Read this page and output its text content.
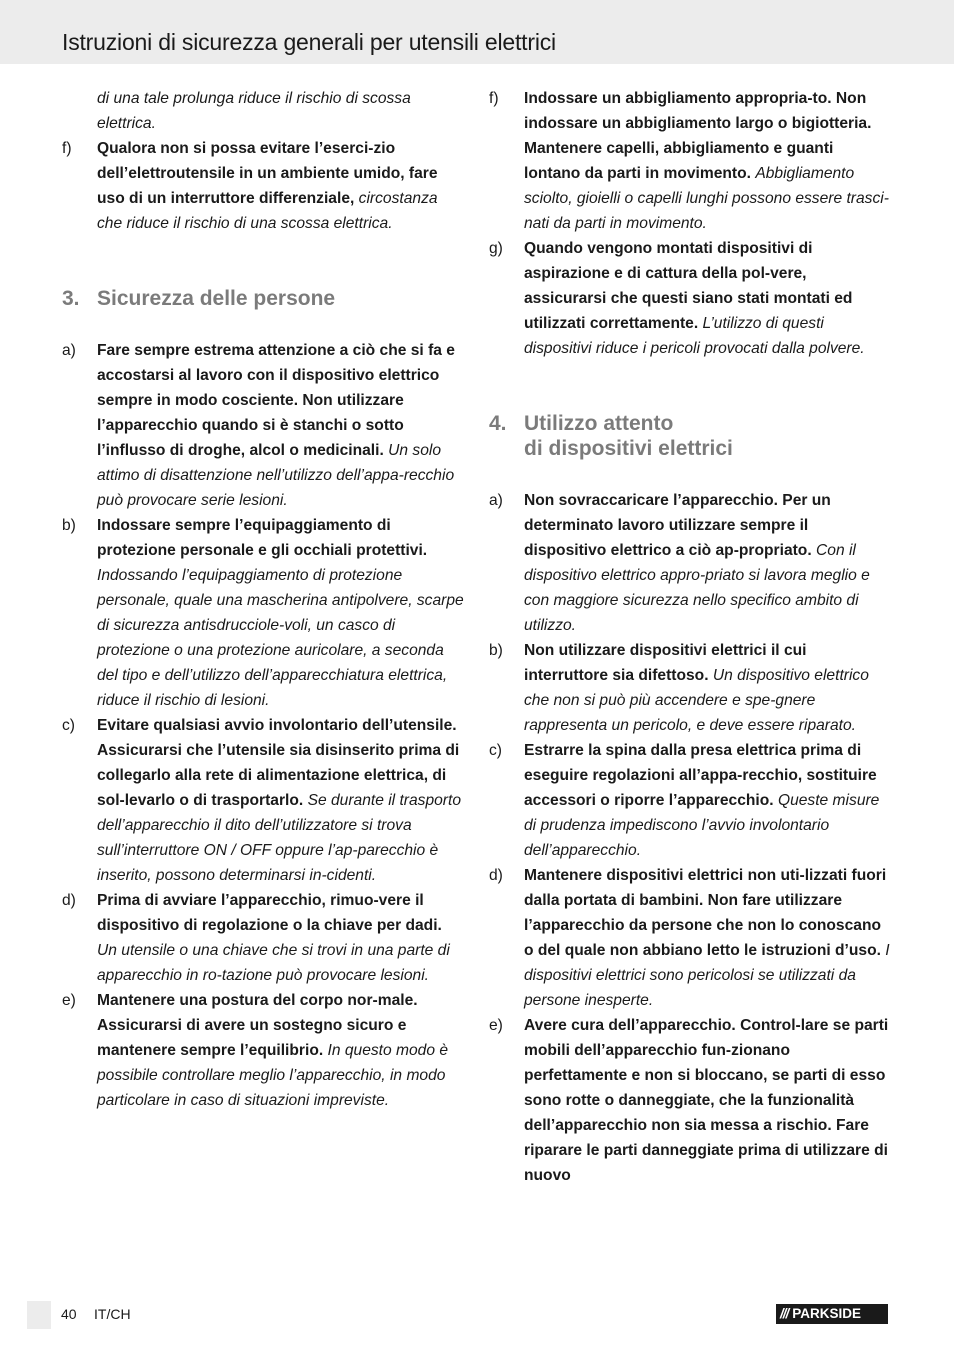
Istruzioni di sicurezza generali per utensili elettrici
di una tale prolunga riduce il rischio di scossa elettrica.
f) Qualora non si possa evitare l’eserci-zio dell’elettroutensile in un ambiente umido, fare uso di un interruttore differenziale, circostanza che riduce il rischio di una scossa elettrica.
3. Sicurezza delle persone
a) Fare sempre estrema attenzione a ciò che si fa e accostarsi al lavoro con il dispositivo elettrico sempre in modo cosciente. Non utilizzare l’apparecchio quando si è stanchi o sotto l’influsso di droghe, alcol o medicinali. Un solo attimo di disattenzione nell’utilizzo dell’appa-recchio può provocare serie lesioni.
b) Indossare sempre l’equipaggiamento di protezione personale e gli occhiali protettivi. Indossando l’equipaggiamento di protezione personale, quale una mascherina antipolvere, scarpe di sicurezza antisdrucciole-voli, un casco di protezione o una protezione auricolare, a seconda del tipo e dell’utilizzo dell’apparecchiatura elettrica, riduce il rischio di lesioni.
c) Evitare qualsiasi avvio involontario dell’utensile. Assicurarsi che l’utensile sia disinserito prima di collegarlo alla rete di alimentazione elettrica, di sol-levarlo o di trasportarlo. Se durante il trasporto dell’apparecchio il dito dell’utilizzatore si trova sull’interruttore ON / OFF oppure l’ap-parecchio è inserito, possono determinarsi in-cidenti.
d) Prima di avviare l’apparecchio, rimuo-vere il dispositivo di regolazione o la chiave per dadi. Un utensile o una chiave che si trovi in una parte di apparecchio in ro-tazione può provocare lesioni.
e) Mantenere una postura del corpo nor-male. Assicurarsi di avere un sostegno sicuro e mantenere sempre l’equilibrio. In questo modo è possibile controllare meglio l’apparecchio, in modo particolare in caso di situazioni impreviste.
f) Indossare un abbigliamento appropria-to. Non indossare un abbigliamento largo o bigiotteria. Mantenere capelli, abbigliamento e guanti lontano da parti in movimento. Abbigliamento sciolto, gioielli o capelli lunghi possono essere trasci-nati da parti in movimento.
g) Quando vengono montati dispositivi di aspirazione e di cattura della pol-vere, assicurarsi che questi siano stati montati ed utilizzati correttamente. L’utilizzo di questi dispositivi riduce i pericoli provocati dalla polvere.
4. Utilizzo attento
di dispositivi elettrici
a) Non sovraccaricare l’apparecchio. Per un determinato lavoro utilizzare sempre il dispositivo elettrico a ciò ap-propriato. Con il dispositivo elettrico appro-priato si lavora meglio e con maggiore sicurezza nello specifico ambito di utilizzo.
b) Non utilizzare dispositivi elettrici il cui interruttore sia difettoso. Un dispositivo elettrico che non si può più accendere e spe-gnere rappresenta un pericolo, e deve essere riparato.
c) Estrarre la spina dalla presa elettrica prima di eseguire regolazioni all’appa-recchio, sostituire accessori o riporre l’apparecchio. Queste misure di prudenza impediscono l’avvio involontario dell’apparecchio.
d) Mantenere dispositivi elettrici non uti-lizzati fuori dalla portata di bambini. Non fare utilizzare l’apparecchio da persone che non lo conoscano o del quale non abbiano letto le istruzioni d’uso. I dispositivi elettrici sono pericolosi se utilizzati da persone inesperte.
e) Avere cura dell’apparecchio. Control-lare se parti mobili dell’apparecchio fun-zionano perfettamente e non si bloccano, se parti di esso sono rotte o danneggiate, che la funzionalità dell’apparecchio non sia messa a rischio. Fare riparare le parti danneggiate prima di utilizzare di nuovo
40 IT/CH	/// PARKSIDE
